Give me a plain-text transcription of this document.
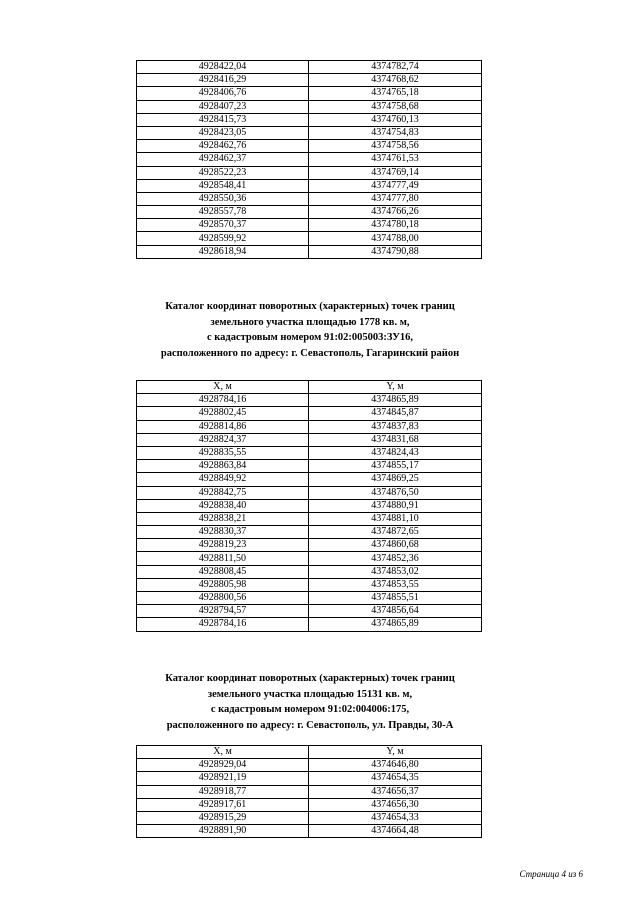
4928422,04	4374782,74
4928416,29	4374768,62
4928406,76	4374765,18
4928407,23	4374758,68
4928415,73	4374760,13
4928423,05	4374754,83
4928462,76	4374758,56
4928462,37	4374761,53
4928522,23	4374769,14
4928548,41	4374777,49
4928550,36	4374777,80
4928557,78	4374766,26
4928570,37	4374780,18
4928599,92	4374788,00
4928618,94	4374790,88
Каталог координат поворотных (характерных) точек границ
земельного участка площадью 1778 кв. м,
с кадастровым номером 91:02:005003:ЗУ16,
расположенного по адресу: г. Севастополь, Гагаринский район
X, м	Y, м
4928784,16	4374865,89
4928802,45	4374845,87
4928814,86	4374837,83
4928824,37	4374831,68
4928835,55	4374824,43
4928863,84	4374855,17
4928849,92	4374869,25
4928842,75	4374876,50
4928838,40	4374880,91
4928838,21	4374881,10
4928830,37	4374872,65
4928819,23	4374860,68
4928811,50	4374852,36
4928808,45	4374853,02
4928805,98	4374853,55
4928800,56	4374855,51
4928794,57	4374856,64
4928784,16	4374865,89
Каталог координат поворотных (характерных) точек границ
земельного участка площадью 15131 кв. м,
с кадастровым номером 91:02:004006:175,
расположенного по адресу: г. Севастополь, ул. Правды, 30-А
X, м	Y, м
4928929,04	4374646,80
4928921,19	4374654,35
4928918,77	4374656,37
4928917,61	4374656,30
4928915,29	4374654,33
4928891,90	4374664,48
Страница 4 из 6
